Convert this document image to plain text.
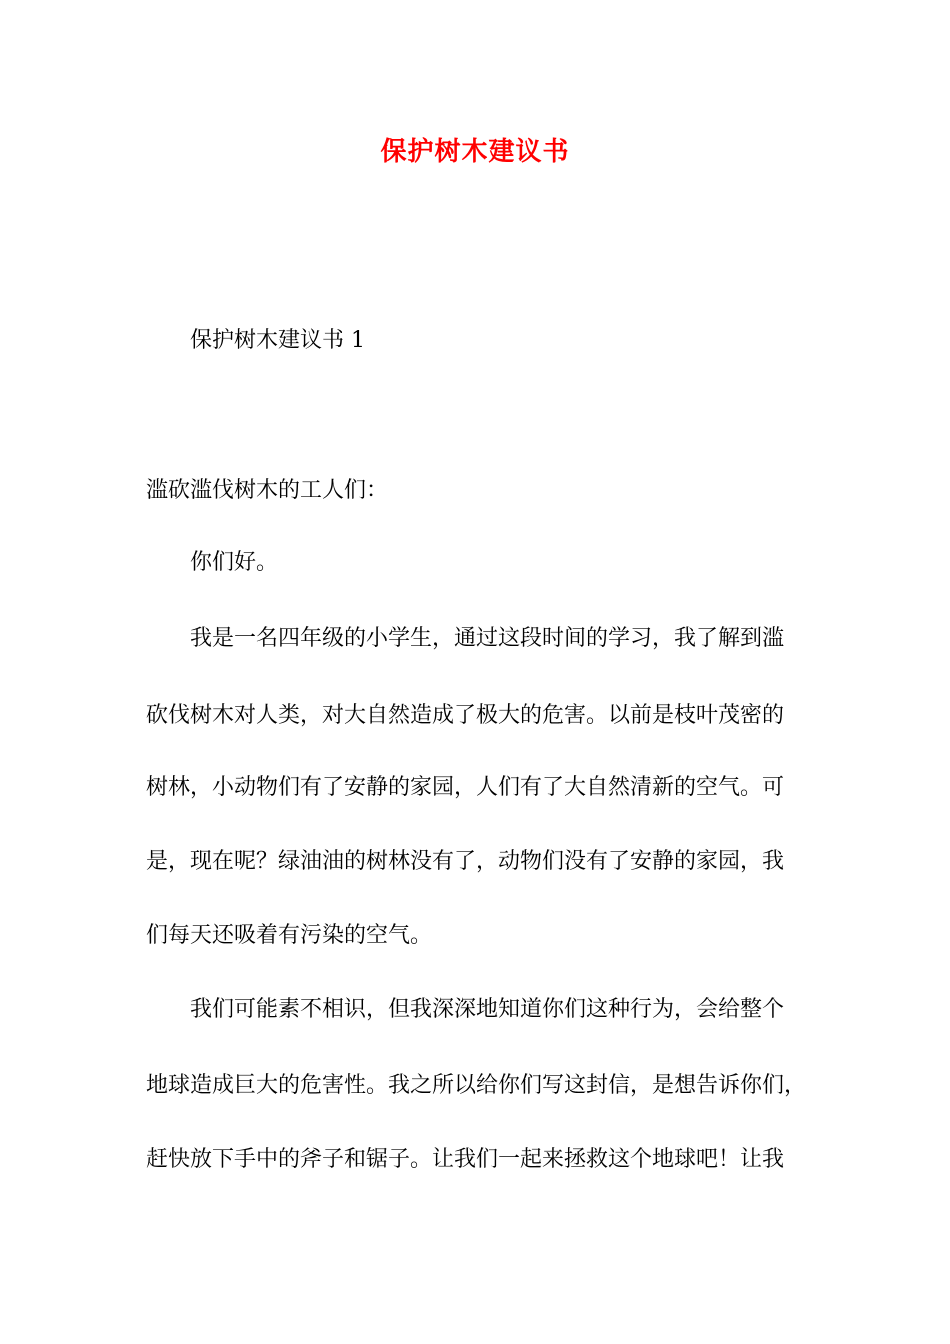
保护树木建议书
保护树木建议书 1
滥砍滥伐树木的工人们：
你们好。
我是一名四年级的小学生，通过这段时间的学习，我了解到滥
砍伐树木对人类，对大自然造成了极大的危害。以前是枝叶茂密的
树林，小动物们有了安静的家园，人们有了大自然清新的空气。可
是，现在呢？绿油油的树林没有了，动物们没有了安静的家园，我
们每天还吸着有污染的空气。
我们可能素不相识，但我深深地知道你们这种行为，会给整个
地球造成巨大的危害性。我之所以给你们写这封信，是想告诉你们，
赶快放下手中的斧子和锯子。让我们一起来拯救这个地球吧！让我
